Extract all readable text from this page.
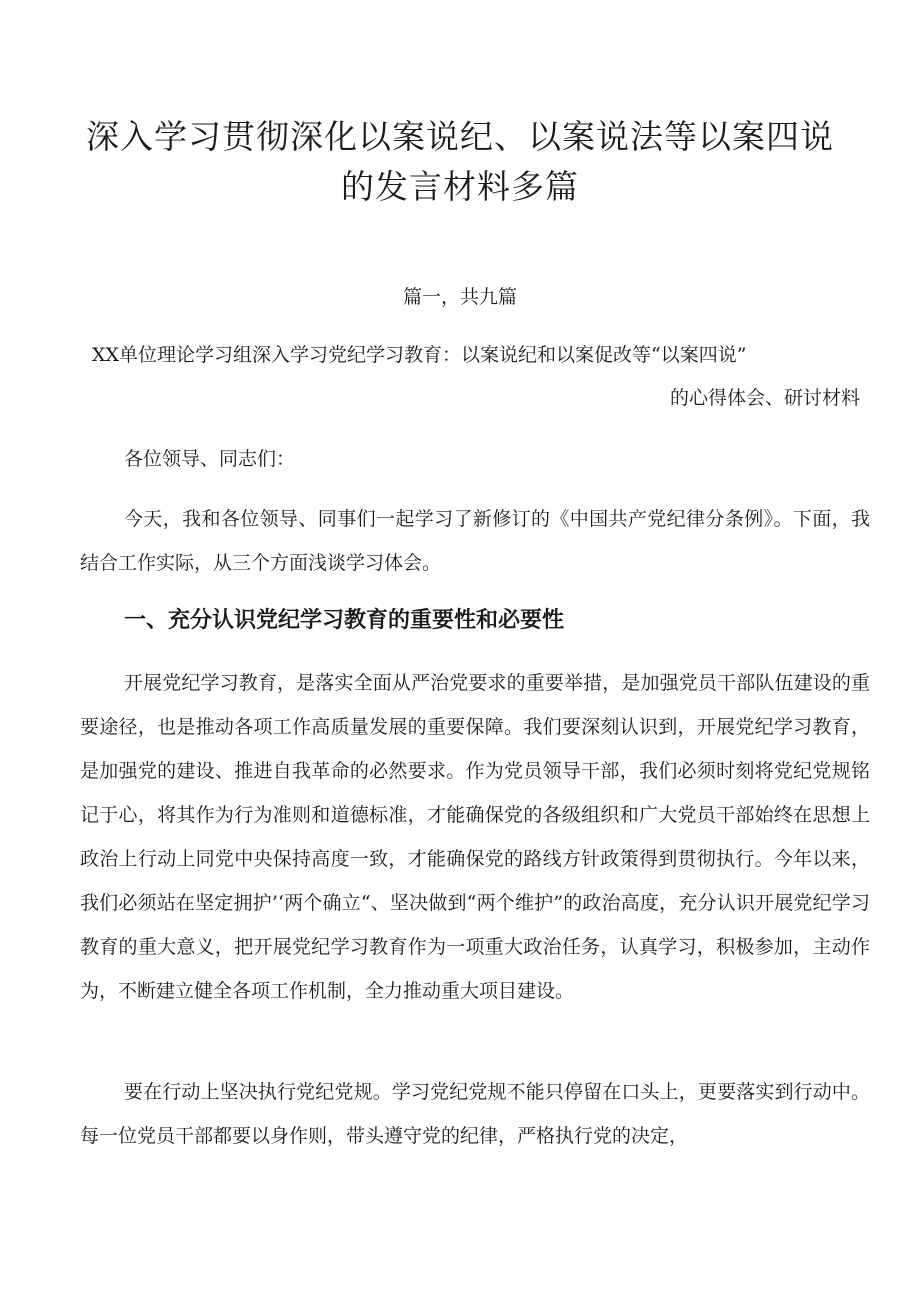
深入学习贯彻深化以案说纪、以案说法等以案四说
的发言材料多篇

篇一，共九篇

XX单位理论学习组深入学习党纪学习教育：以案说纪和以案促改等“以案四说”

的心得体会、研讨材料

各位领导、同志们：

今天，我和各位领导、同事们一起学习了新修订的《中国共产党纪律分条例》。下面，我结合工作实际，从三个方面浅谈学习体会。

一、充分认识党纪学习教育的重要性和必要性

开展党纪学习教育，是落实全面从严治党要求的重要举措，是加强党员干部队伍建设的重要途径，也是推动各项工作高质量发展的重要保障。我们要深刻认识到，开展党纪学习教育，是加强党的建设、推进自我革命的必然要求。作为党员领导干部，我们必须时刻将党纪党规铭记于心，将其作为行为准则和道德标准，才能确保党的各级组织和广大党员干部始终在思想上政治上行动上同党中央保持高度一致，才能确保党的路线方针政策得到贯彻执行。今年以来，我们必须站在坚定拥护’‘两个确立“、坚决做到“两个维护”的政治高度，充分认识开展党纪学习教育的重大意义，把开展党纪学习教育作为一项重大政治任务，认真学习，积极参加，主动作为，不断建立健全各项工作机制，全力推动重大项目建设。

要在行动上坚决执行党纪党规。学习党纪党规不能只停留在口头上，更要落实到行动中。每一位党员干部都要以身作则，带头遵守党的纪律，严格执行党的决定，
